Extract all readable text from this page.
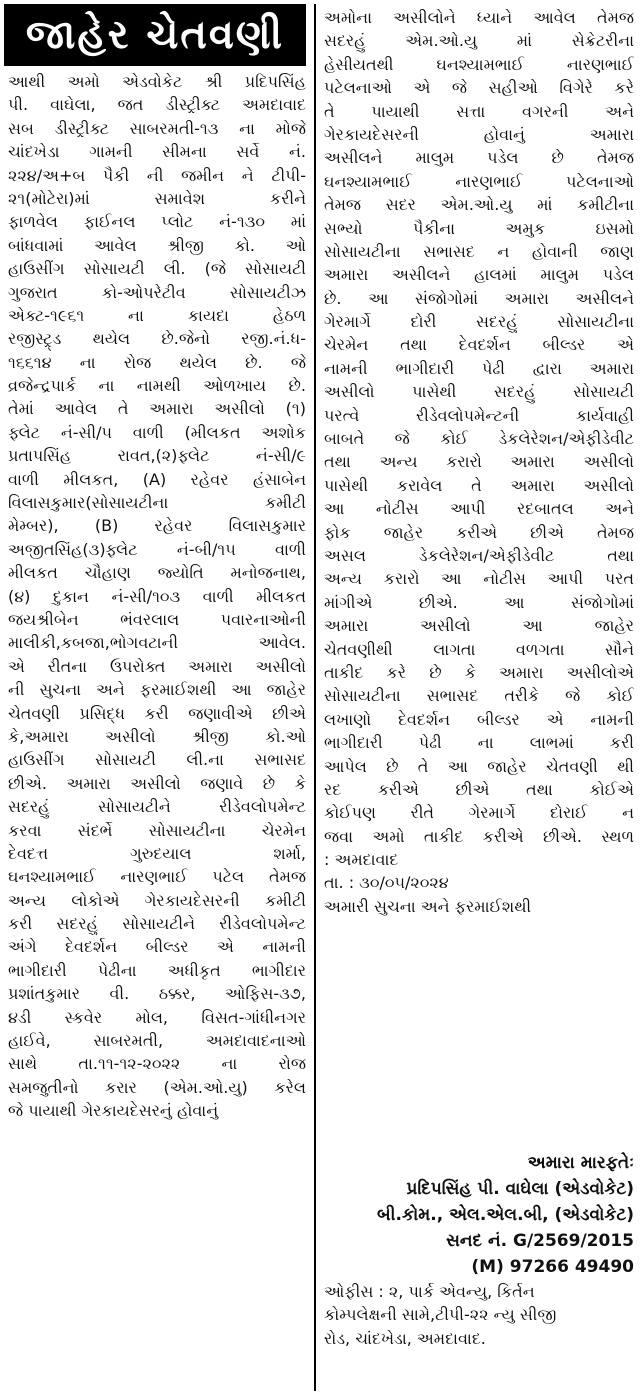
જાહેર ચેતવણી
આથી અમો એડવોકેટ શ્રી પ્રદિપસિંહ
પી. વાઘેલા, જત ડીસ્ટ્રીક્ટ અમદાવાદ
સબ ડીસ્ટ્રીક્ટ સાબરમતી-૧૩ ના મોજે
ચાંદખેડા ગામની સીમના સર્વે નં.
૨૨૪/અ+બ પૈકી ની જમીન ને ટીપી-
૨૧(મોટેરા)માં સમાવેશ કરીને
ફાળવેલ ફાઈનલ પ્લોટ નં-૧૩૦ માં
બાંધવામાં આવેલ શ્રીજી કો. ઓ
હાઉસીંગ સોસાયટી લી. (જે સોસાયટી
ગુજરાત કો-ઓપરેટીવ સોસાયટીઝ
એક્ટ-૧૯૬૧ ના કાયદા હેઠળ
રજીસ્ટ્ર્ડ થયેલ છે.જેનો રજી.નં.ધ-
૧૬૬૧૪ ના રોજ થયેલ છે. જે
વ્રજેન્દ્રપાર્ક ના નામથી ઓળખાય છે.
તેમાં આવેલ તે અમારા અસીલો (૧)
ફ્લેટ નં-સી/૫ વાળી (મીલકત અશોક
પ્રતાપસિંહ રાવત,(૨)ફ્લેટ નં-સી/૯
વાળી મીલકત, (A) રહેવર હંસાબેન
વિલાસકુમાર(સોસાયટીના કમીટી
મેમ્બર), (B) રહેવર વિલાસકુમાર
અજીતસિંહ(૩)ફ્લેટ નં-બી/૧૫ વાળી
મીલકત ચૌહાણ જ્યોતિ મનોજનાથ,
(૪) દુકાન નં-સી/૧૦૩ વાળી મીલકત
જયશ્રીબેન ભંવરલાલ પવારનાઓની
માલીકી,કબજા,ભોગવટાની આવેલ.
એ રીતના ઉપરોક્ત અમારા અસીલો
ની સુચના અને ફરમાઈશથી આ જાહેર
ચેતવણી પ્રસિદ્ધ કરી જણાવીએ છીએ
કે,અમારા અસીલો શ્રીજી કો.ઓ
હાઉસીંગ સોસાયટી લી.ના સભાસદ
છીએ. અમારા અસીલો જણાવે છે કે
સદરહું સોસાયટીને રીડેવલોપમેન્ટ
કરવા સંદર્ભે સોસાયટીના ચેરમેન
દેવદત્ત ગુરુદયાલ શર્મા,
ઘનશ્યામભાઈ નારણભાઈ પટેલ તેમજ
અન્ય લોકોએ ગેરકાયદેસરની કમીટી
કરી સદરહું સોસાયટીને રીડેવલોપમેન્ટ
અંગે દેવદર્શન બીલ્ડર એ નામની
ભાગીદારી પેઢીના અધીકૃત ભાગીદાર
પ્રશાંતકુમાર વી. ઠક્કર, ઓફિસ-૩૭,
૪ડી સ્કવેર મોલ, વિસત-ગાંધીનગર
હાઈવે, સાબરમતી, અમદાવાદનાઓ
સાથે તા.૧૧-૧૨-૨૦૨૨ ના રોજ
સમજુતીનો કરાર (એમ.ઓ.યુ) કરેલ
જે પાયાથી ગેરકાયદેસરનું હોવાનું
અમોના અસીલોને ધ્યાને આવેલ તેમજ
સદરહું એમ.ઓ.યુ માં સેક્રેટરીના
હેસીયતથી ઘનશ્યામભાઈ નારણભાઈ
પટેલનાઓ એ જે સહીઓ વિગેરે કરે
તે પાયાથી સત્તા વગરની અને
ગેરકાયદેસરની હોવાનું અમારા
અસીલને માલુમ પડેલ છે તેમજ
ઘનશ્યામભાઈ નારણભાઈ પટેલનાઓ
તેમજ સદર એમ.ઓ.યુ માં કમીટીના
સભ્યો પૈકીના અમુક ઇસમો
સોસાયટીના સભાસદ ન હોવાની જાણ
અમારા અસીલને હાલમાં માલુમ પડેલ
છે. આ સંજોગોમાં અમારા અસીલને
ગેરમાર્ગે દોરી સદરહું સોસાયટીના
ચેરમેન તથા દેવદર્શન બીલ્ડર એ
નામની ભાગીદારી પેઢી દ્વારા અમારા
અસીલો પાસેથી સદરહું સોસાયટી
પરત્વે રીડેવલોપમેન્ટની કાર્યવાહી
બાબતે જે કોઈ ડેકલેરેશન/એફીડેવીટ
તથા અન્ય કરારો અમારા અસીલો
પાસેથી કરાવેલ તે અમારા અસીલો
આ નોટીસ આપી રદબાતલ અને
ફોક જાહેર કરીએ છીએ તેમજ
અસલ ડેકલેરેશન/એફીડેવીટ તથા
અન્ય કરારો આ નોટીસ આપી પરત
માંગીએ છીએ. આ સંજોગોમાં
અમારા અસીલો આ જાહેર
ચેતવણીથી લાગતા વળગતા સૌને
તાકીદ કરે છે કે અમારા અસીલોએ
સોસાયટીના સભાસદ તરીકે જે કોઈ
લખાણો દેવદર્શન બીલ્ડર એ નામની
ભાગીદારી પેઢી ના લાભમાં કરી
આપેલ છે તે આ જાહેર ચેતવણી થી
રદ કરીએ છીએ તથા કોઈએ
કોઈપણ રીતે ગેરમાર્ગે દોરાઈ ન
જવા અમો તાકીદ કરીએ છીએ. સ્થળ
: અમદાવાદ
તા. : ૩૦/૦૫/૨૦૨૪
અમારી સુચના અને ફરમાઈશથી
અમારા મારફતેઃ
પ્રદિપસિંહ પી. વાઘેલા (એડવોકેટ)
બી.કોમ., એલ.એલ.બી, (એડવોકેટ)
સનદ નં. G/2569/2015
(M) 97266 49490
ઓફીસ : ૨, પાર્ક એવન્યુ, કિર્તન
કોમ્પલેક્ષની સામે,ટીપી-૨૨ ન્યુ સીજી
રોડ, ચાંદખેડા, અમદાવાદ.
